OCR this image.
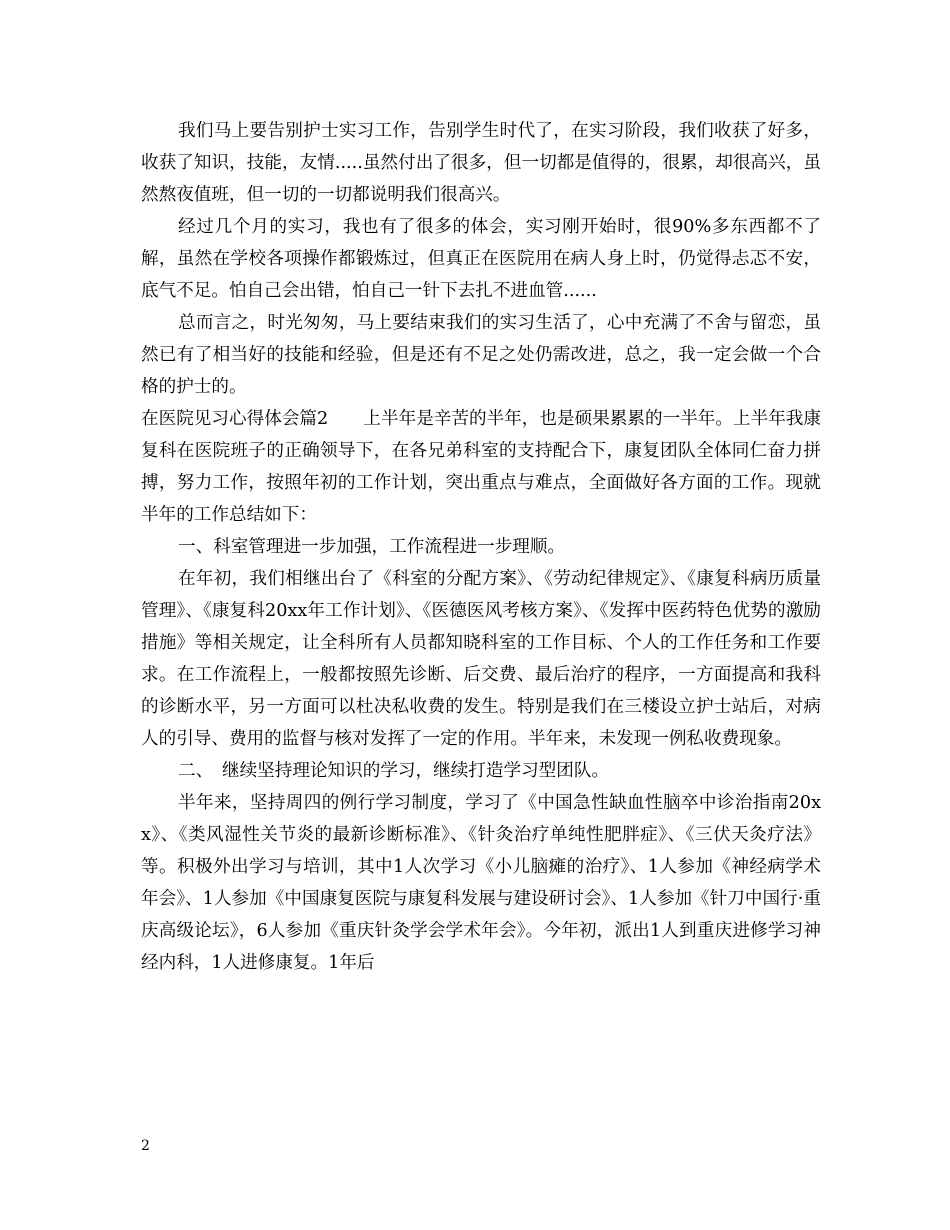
我们马上要告别护士实习工作，告别学生时代了，在实习阶段，我们收获了好多，收获了知识，技能，友情.....虽然付出了很多，但一切都是值得的，很累，却很高兴，虽然熬夜值班，但一切的一切都说明我们很高兴。

经过几个月的实习，我也有了很多的体会，实习刚开始时，很90%多东西都不了解，虽然在学校各项操作都锻炼过，但真正在医院用在病人身上时，仍觉得忐忑不安，底气不足。怕自己会出错，怕自己一针下去扎不进血管......

总而言之，时光匆匆，马上要结束我们的实习生活了，心中充满了不舍与留恋，虽然已有了相当好的技能和经验，但是还有不足之处仍需改进，总之，我一定会做一个合格的护士的。

在医院见习心得体会篇2　　上半年是辛苦的半年，也是硕果累累的一半年。上半年我康复科在医院班子的正确领导下，在各兄弟科室的支持配合下，康复团队全体同仁奋力拼搏，努力工作，按照年初的工作计划，突出重点与难点，全面做好各方面的工作。现就半年的工作总结如下：

一、科室管理进一步加强，工作流程进一步理顺。

在年初，我们相继出台了《科室的分配方案》、《劳动纪律规定》、《康复科病历质量管理》、《康复科20xx年工作计划》、《医德医风考核方案》、《发挥中医药特色优势的激励措施》等相关规定，让全科所有人员都知晓科室的工作目标、个人的工作任务和工作要求。在工作流程上，一般都按照先诊断、后交费、最后治疗的程序，一方面提高和我科的诊断水平，另一方面可以杜决私收费的发生。特别是我们在三楼设立护士站后，对病人的引导、费用的监督与核对发挥了一定的作用。半年来，未发现一例私收费现象。

二、　继续坚持理论知识的学习，继续打造学习型团队。

半年来，坚持周四的例行学习制度，学习了《中国急性缺血性脑卒中诊治指南20xx》、《类风湿性关节炎的最新诊断标准》、《针灸治疗单纯性肥胖症》、《三伏天灸疗法》等。积极外出学习与培训，其中1人次学习《小儿脑瘫的治疗》、1人参加《神经病学术年会》、1人参加《中国康复医院与康复科发展与建设研讨会》、1人参加《针刀中国行·重庆高级论坛》，6人参加《重庆针灸学会学术年会》。今年初，派出1人到重庆进修学习神经内科，1人进修康复。1年后

2
